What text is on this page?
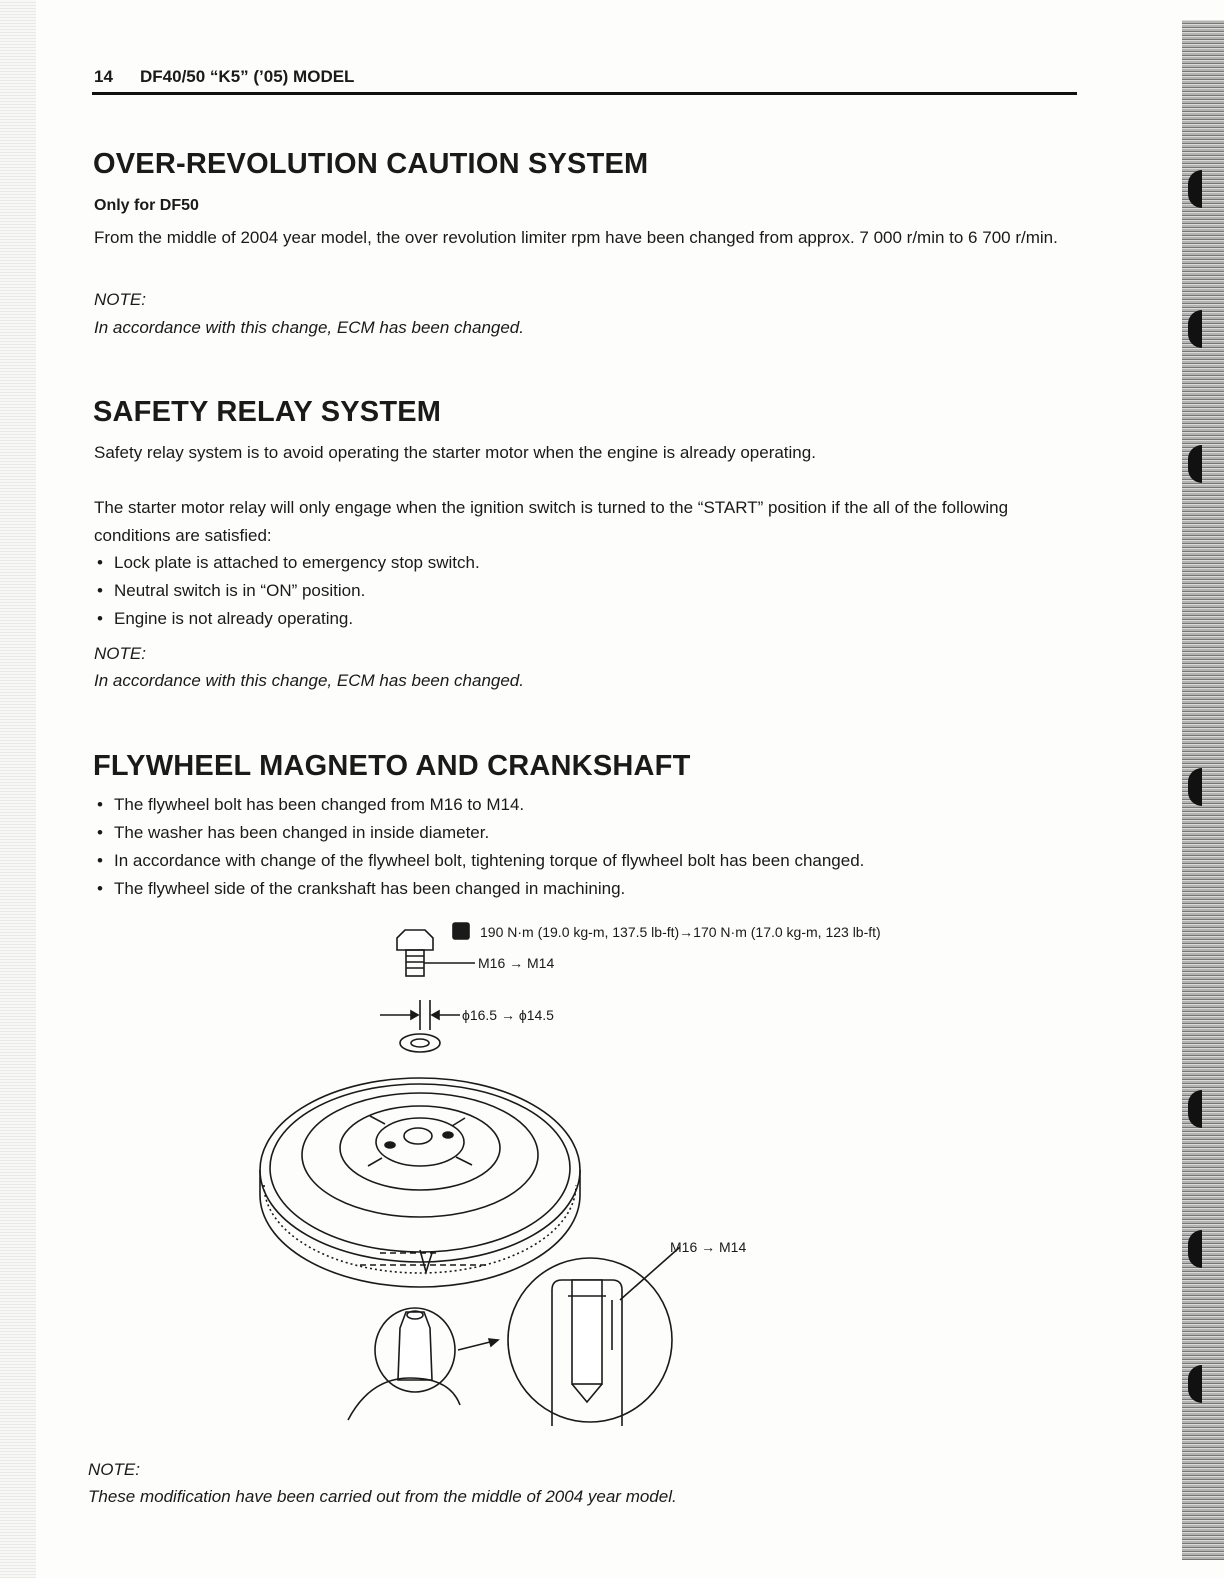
14 DF40/50 “K5” (’05) MODEL
OVER-REVOLUTION CAUTION SYSTEM
Only for DF50
From the middle of 2004 year model, the over revolution limiter rpm have been changed from approx. 7 000 r/min to 6 700 r/min.
NOTE:
In accordance with this change, ECM has been changed.
SAFETY RELAY SYSTEM
Safety relay system is to avoid operating the starter motor when the engine is already operating.
The starter motor relay will only engage when the ignition switch is turned to the “START” position if the all of the following conditions are satisfied:
• Lock plate is attached to emergency stop switch.
• Neutral switch is in “ON” position.
• Engine is not already operating.
NOTE:
In accordance with this change, ECM has been changed.
FLYWHEEL MAGNETO AND CRANKSHAFT
• The flywheel bolt has been changed from M16 to M14.
• The washer has been changed in inside diameter.
• In accordance with change of the flywheel bolt, tightening torque of flywheel bolt has been changed.
• The flywheel side of the crankshaft has been changed in machining.
190 N·m (19.0 kg-m, 137.5 lb-ft)→170 N·m (17.0 kg-m, 123 lb-ft)
M16 → M14
ϕ16.5 → ϕ14.5
M16 → M14
NOTE:
These modification have been carried out from the middle of 2004 year model.
